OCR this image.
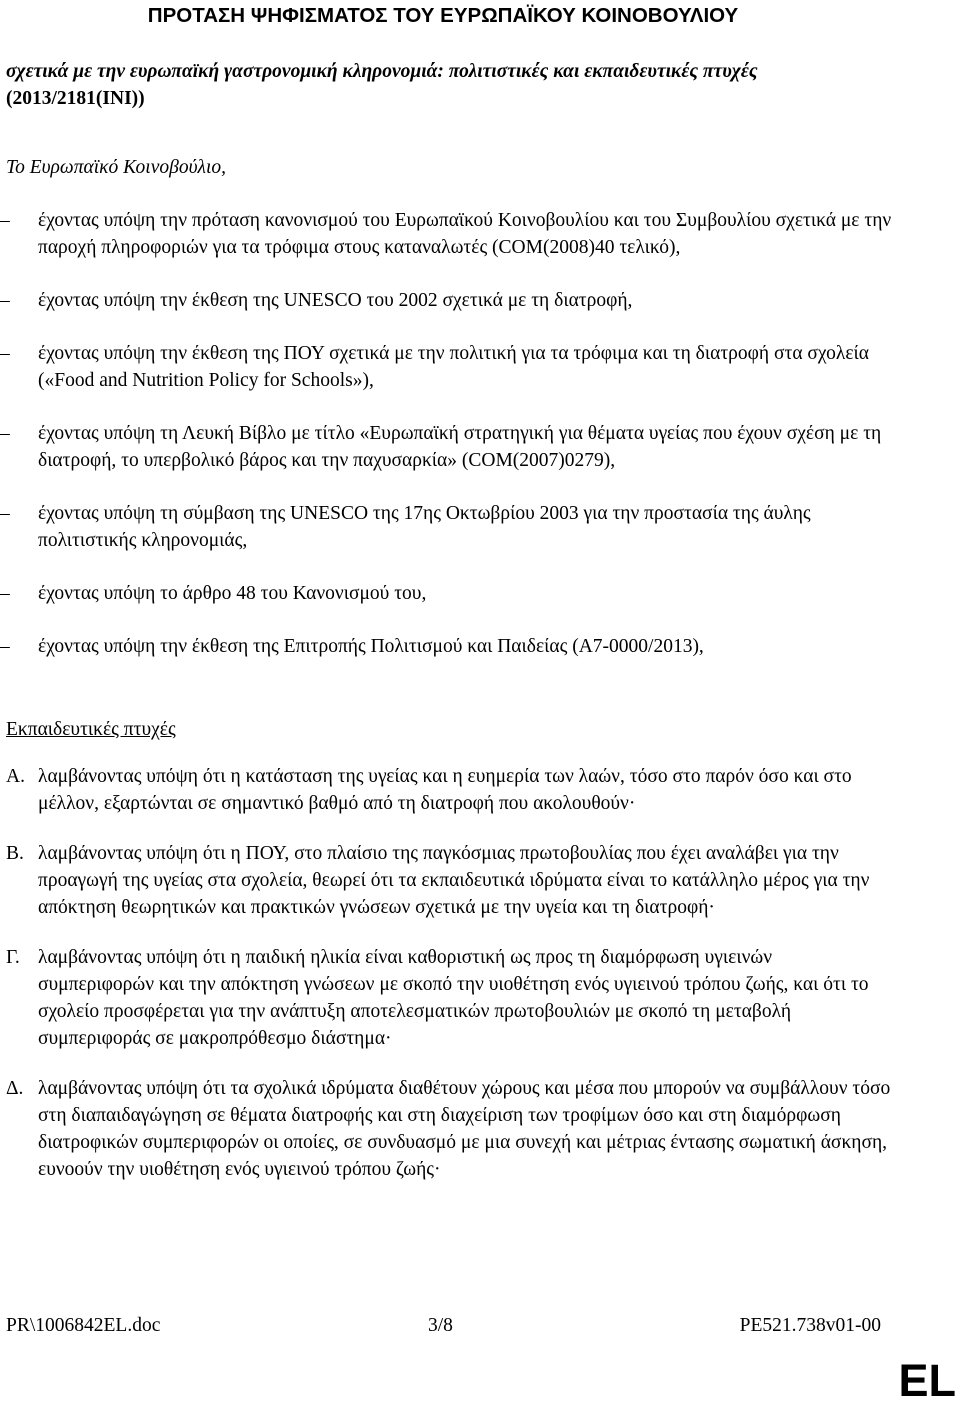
ΠΡΟΤΑΣΗ ΨΗΦΙΣΜΑΤΟΣ ΤΟΥ ΕΥΡΩΠΑΪΚΟΥ ΚΟΙΝΟΒΟΥΛΙΟΥ
σχετικά με την ευρωπαϊκή γαστρονομική κληρονομιά: πολιτιστικές και εκπαιδευτικές πτυχές
(2013/2181(INI))
Το Ευρωπαϊκό Κοινοβούλιο,
–	έχοντας υπόψη την πρόταση κανονισμού του Ευρωπαϊκού Κοινοβουλίου και του Συμβουλίου σχετικά με την παροχή πληροφοριών για τα τρόφιμα στους καταναλωτές (COM(2008)40 τελικό),
–	έχοντας υπόψη την έκθεση της UNESCO του 2002 σχετικά με τη διατροφή,
–	έχοντας υπόψη την έκθεση της ΠΟΥ σχετικά με την πολιτική για τα τρόφιμα και τη διατροφή στα σχολεία («Food and Nutrition Policy for Schools»),
–	έχοντας υπόψη τη Λευκή Βίβλο με τίτλο «Ευρωπαϊκή στρατηγική για θέματα υγείας που έχουν σχέση με τη διατροφή, το υπερβολικό βάρος και την παχυσαρκία» (COM(2007)0279),
–	έχοντας υπόψη τη σύμβαση της UNESCO της 17ης Οκτωβρίου 2003 για την προστασία της άυλης πολιτιστικής κληρονομιάς,
–	έχοντας υπόψη το άρθρο 48 του Κανονισμού του,
–	έχοντας υπόψη την έκθεση της Επιτροπής Πολιτισμού και Παιδείας (A7-0000/2013),
Εκπαιδευτικές πτυχές
Α. λαμβάνοντας υπόψη ότι η κατάσταση της υγείας και η ευημερία των λαών, τόσο στο παρόν όσο και στο μέλλον, εξαρτώνται σε σημαντικό βαθμό από τη διατροφή που ακολουθούν·
Β. λαμβάνοντας υπόψη ότι η ΠΟΥ, στο πλαίσιο της παγκόσμιας πρωτοβουλίας που έχει αναλάβει για την προαγωγή της υγείας στα σχολεία, θεωρεί ότι τα εκπαιδευτικά ιδρύματα είναι το κατάλληλο μέρος για την απόκτηση θεωρητικών και πρακτικών γνώσεων σχετικά με την υγεία και τη διατροφή·
Γ. λαμβάνοντας υπόψη ότι η παιδική ηλικία είναι καθοριστική ως προς τη διαμόρφωση υγιεινών συμπεριφορών και την απόκτηση γνώσεων με σκοπό την υιοθέτηση ενός υγιεινού τρόπου ζωής, και ότι το σχολείο προσφέρεται για την ανάπτυξη αποτελεσματικών πρωτοβουλιών με σκοπό τη μεταβολή συμπεριφοράς σε μακροπρόθεσμο διάστημα·
Δ. λαμβάνοντας υπόψη ότι τα σχολικά ιδρύματα διαθέτουν χώρους και μέσα που μπορούν να συμβάλλουν τόσο στη διαπαιδαγώγηση σε θέματα διατροφής και στη διαχείριση των τροφίμων όσο και στη διαμόρφωση διατροφικών συμπεριφορών οι οποίες, σε συνδυασμό με μια συνεχή και μέτριας έντασης σωματική άσκηση, ευνοούν την υιοθέτηση ενός υγιεινού τρόπου ζωής·
PR\1006842EL.doc	3/8	PE521.738v01-00
EL
